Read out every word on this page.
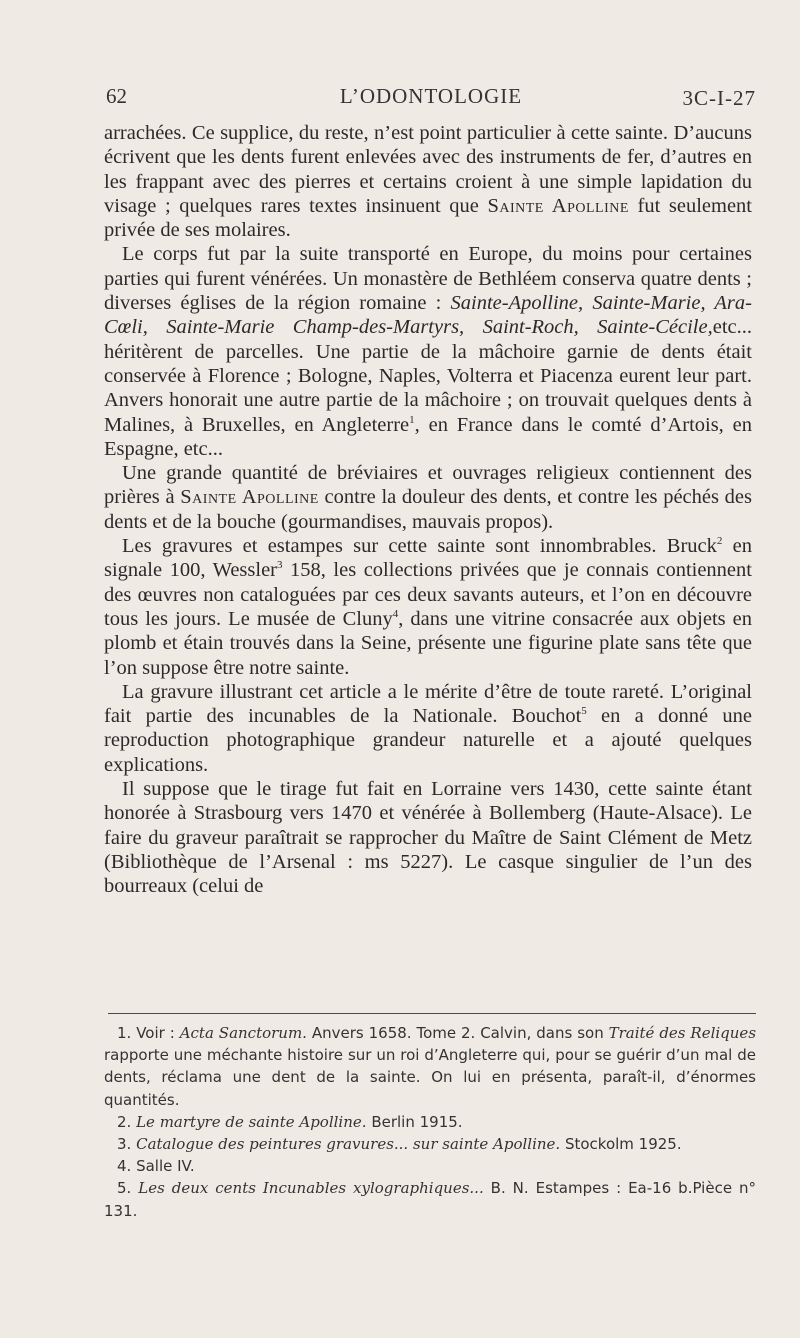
62	L’ODONTOLOGIE	3C-I-27

arrachées. Ce supplice, du reste, n’est point particulier à cette sainte. D’aucuns écrivent que les dents furent enlevées avec des instruments de fer, d’autres en les frappant avec des pierres et certains croient à une simple lapidation du visage ; quelques rares textes insinuent que Sainte Apolline fut seulement privée de ses molaires.

Le corps fut par la suite transporté en Europe, du moins pour certaines parties qui furent vénérées. Un monastère de Bethléem conserva quatre dents ; diverses églises de la région romaine : Sainte-Apolline, Sainte-Marie, Ara-Cœli, Sainte-Marie Champ-des-Martyrs, Saint-Roch, Sainte-Cécile,etc... héritèrent de parcelles. Une partie de la mâchoire garnie de dents était conservée à Florence ; Bologne, Naples, Volterra et Piacenza eurent leur part. Anvers honorait une autre partie de la mâchoire ; on trouvait quelques dents à Malines, à Bruxelles, en Angleterre$^1$, en France dans le comté d’Artois, en Espagne, etc...

Une grande quantité de bréviaires et ouvrages religieux contiennent des prières à Sainte Apolline contre la douleur des dents, et contre les péchés des dents et de la bouche (gourmandises, mauvais propos).

Les gravures et estampes sur cette sainte sont innombrables. Bruck$^2$ en signale 100, Wessler$^3$ 158, les collections privées que je connais contiennent des œuvres non cataloguées par ces deux savants auteurs, et l’on en découvre tous les jours. Le musée de Cluny$^4$, dans une vitrine consacrée aux objets en plomb et étain trouvés dans la Seine, présente une figurine plate sans tête que l’on suppose être notre sainte.

La gravure illustrant cet article a le mérite d’être de toute rareté. L’original fait partie des incunables de la Nationale. Bouchot$^5$ en a donné une reproduction photographique grandeur naturelle et a ajouté quelques explications.

Il suppose que le tirage fut fait en Lorraine vers 1430, cette sainte étant honorée à Strasbourg vers 1470 et vénérée à Bollemberg (Haute-Alsace). Le faire du graveur paraîtrait se rapprocher du Maître de Saint Clément de Metz (Bibliothèque de l’Arsenal : ms 5227). Le casque singulier de l’un des bourreaux (celui de

1. Voir : Acta Sanctorum. Anvers 1658. Tome 2. Calvin, dans son Traité des Reliques rapporte une méchante histoire sur un roi d’Angleterre qui, pour se guérir d’un mal de dents, réclama une dent de la sainte. On lui en présenta, paraît-il, d’énormes quantités.

2. Le martyre de sainte Apolline. Berlin 1915.

3. Catalogue des peintures gravures... sur sainte Apolline. Stockolm 1925.

4. Salle IV.

5. Les deux cents Incunables xylographiques... B. N. Estampes : Ea-16 b.Pièce n° 131.
